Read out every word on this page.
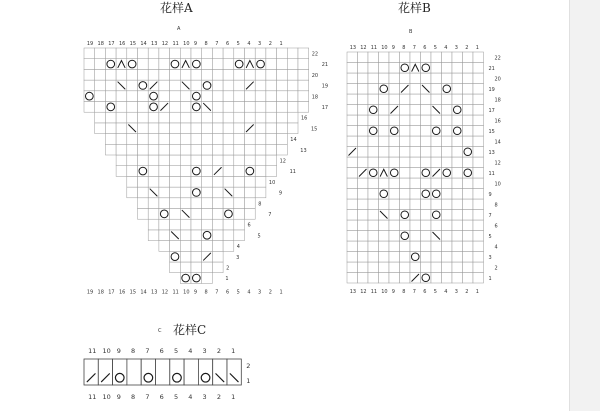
花样A
A
花样B
B
C 花样C
1
2
3
4
5
6
7
8
9
10
11
12
13
14
15
16
17
18
19
20
21
22
19
19
18
18
17
17
16
16
15
15
14
14
13
13
12
12
11
11
10
10
9
9
8
8
7
7
6
6
5
5
4
4
3
3
2
2
1
1
1
2
3
4
5
6
7
8
9
10
11
12
13
14
15
16
17
18
19
20
21
22
13
13
12
12
11
11
10
10
9
9
8
8
7
7
6
6
5
5
4
4
3
3
2
2
1
1
11
11
10
10
9
9
8
8
7
7
6
6
5
5
4
4
3
3
2
2
1
1
2
1
